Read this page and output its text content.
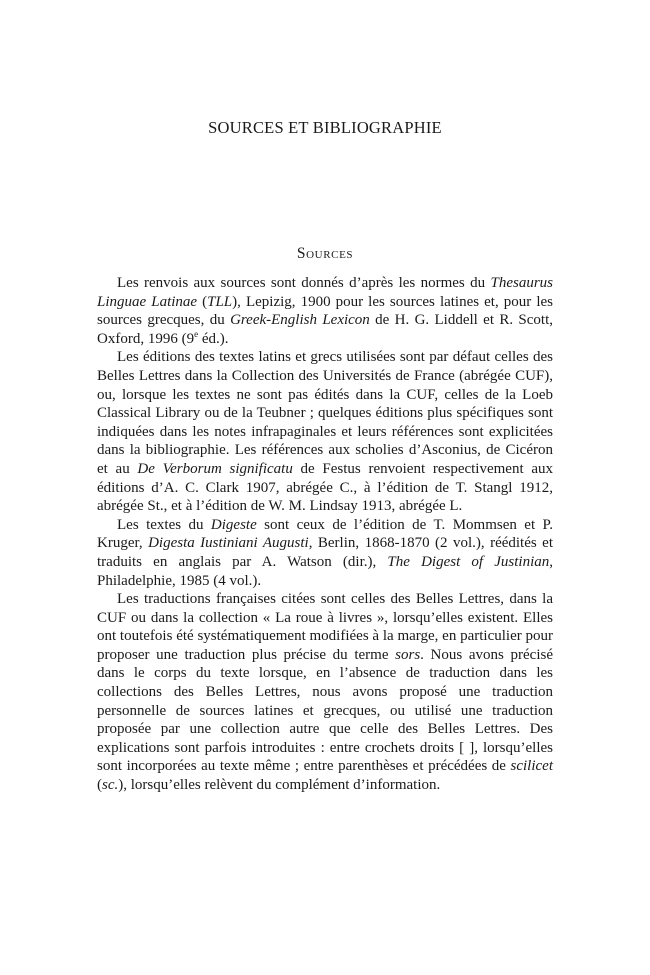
SOURCES ET BIBLIOGRAPHIE
Sources

Les renvois aux sources sont donnés d’après les normes du Thesaurus Linguae Latinae (TLL), Lepizig, 1900 pour les sources latines et, pour les sources grecques, du Greek-English Lexicon de H. G. Liddell et R. Scott, Oxford, 1996 (9e éd.).

Les éditions des textes latins et grecs utilisées sont par défaut celles des Belles Lettres dans la Collection des Universités de France (abrégée CUF), ou, lorsque les textes ne sont pas édités dans la CUF, celles de la Loeb Classical Library ou de la Teubner ; quelques éditions plus spécifiques sont indiquées dans les notes infrapaginales et leurs références sont explicitées dans la bibliographie. Les références aux scholies d’Asconius, de Cicéron et au De Verborum significatu de Festus renvoient respectivement aux éditions d’A. C. Clark 1907, abrégée C., à l’édition de T. Stangl 1912, abrégée St., et à l’édition de W. M. Lindsay 1913, abrégée L.

Les textes du Digeste sont ceux de l’édition de T. Mommsen et P. Kruger, Digesta Iustiniani Augusti, Berlin, 1868-1870 (2 vol.), réédités et traduits en anglais par A. Watson (dir.), The Digest of Justinian, Philadelphie, 1985 (4 vol.).

Les traductions françaises citées sont celles des Belles Lettres, dans la CUF ou dans la collection « La roue à livres », lorsqu’elles existent. Elles ont toutefois été systématiquement modifiées à la marge, en particulier pour proposer une traduction plus précise du terme sors. Nous avons précisé dans le corps du texte lorsque, en l’absence de traduction dans les collections des Belles Lettres, nous avons proposé une traduction personnelle de sources latines et grecques, ou utilisé une traduction proposée par une collection autre que celle des Belles Lettres. Des explications sont parfois introduites : entre crochets droits [ ], lorsqu’elles sont incorporées au texte même ; entre parenthèses et précédées de scilicet (sc.), lorsqu’elles relèvent du complément d’information.
